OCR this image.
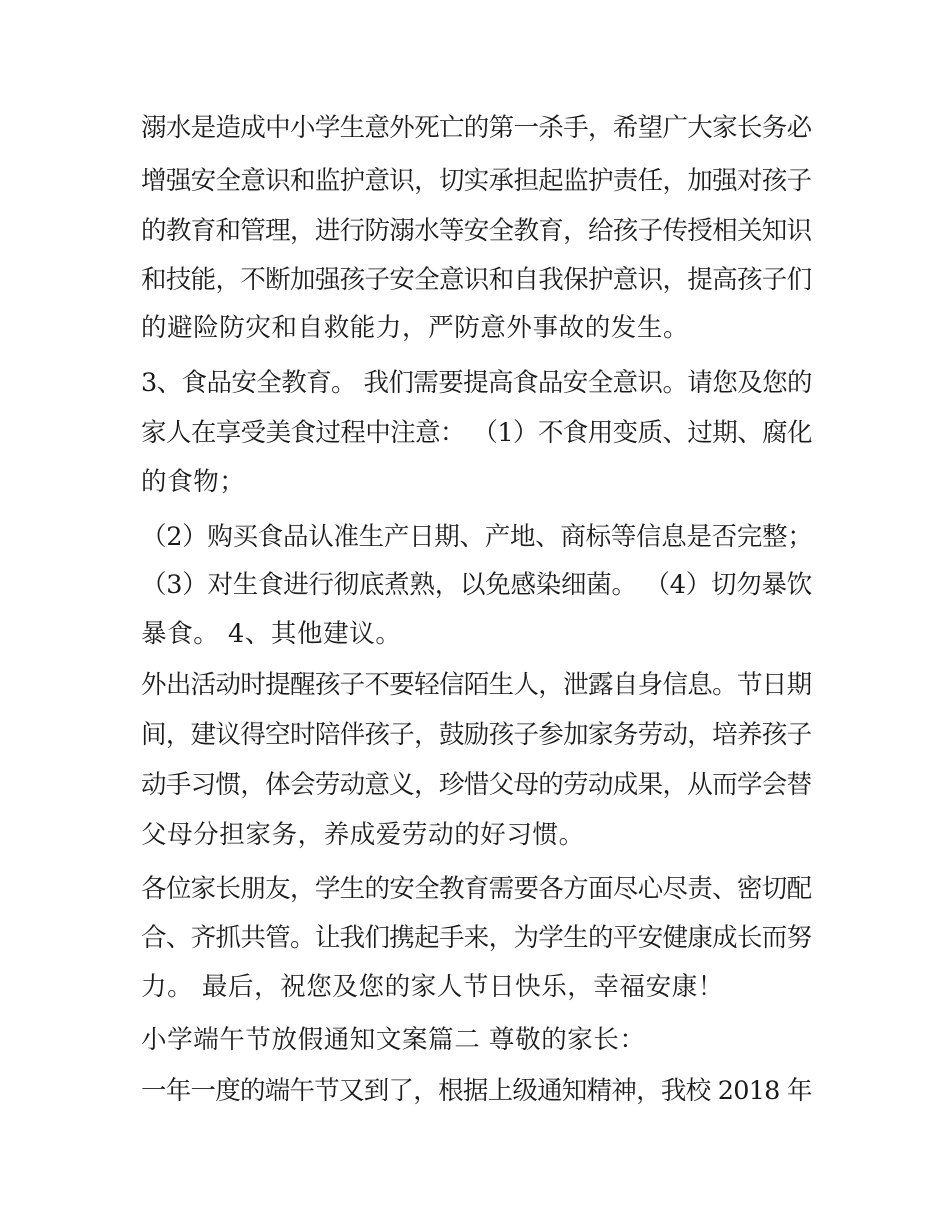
溺水是造成中小学生意外死亡的第一杀手，希望广大家长务必
增强安全意识和监护意识，切实承担起监护责任，加强对孩子
的教育和管理，进行防溺水等安全教育，给孩子传授相关知识
和技能，不断加强孩子安全意识和自我保护意识，提高孩子们
的避险防灾和自救能力，严防意外事故的发生。
3、食品安全教育。 我们需要提高食品安全意识。请您及您的
家人在享受美食过程中注意： （1）不食用变质、过期、腐化
的食物；
（2）购买食品认准生产日期、产地、商标等信息是否完整；
（3）对生食进行彻底煮熟，以免感染细菌。 （4）切勿暴饮
暴食。 4、其他建议。
外出活动时提醒孩子不要轻信陌生人，泄露自身信息。节日期
间，建议得空时陪伴孩子，鼓励孩子参加家务劳动，培养孩子
动手习惯，体会劳动意义，珍惜父母的劳动成果，从而学会替
父母分担家务，养成爱劳动的好习惯。
各位家长朋友，学生的安全教育需要各方面尽心尽责、密切配
合、齐抓共管。让我们携起手来，为学生的平安健康成长而努
力。 最后，祝您及您的家人节日快乐，幸福安康！
小学端午节放假通知文案篇二 尊敬的家长：
一年一度的端午节又到了，根据上级通知精神，我校 2018 年
